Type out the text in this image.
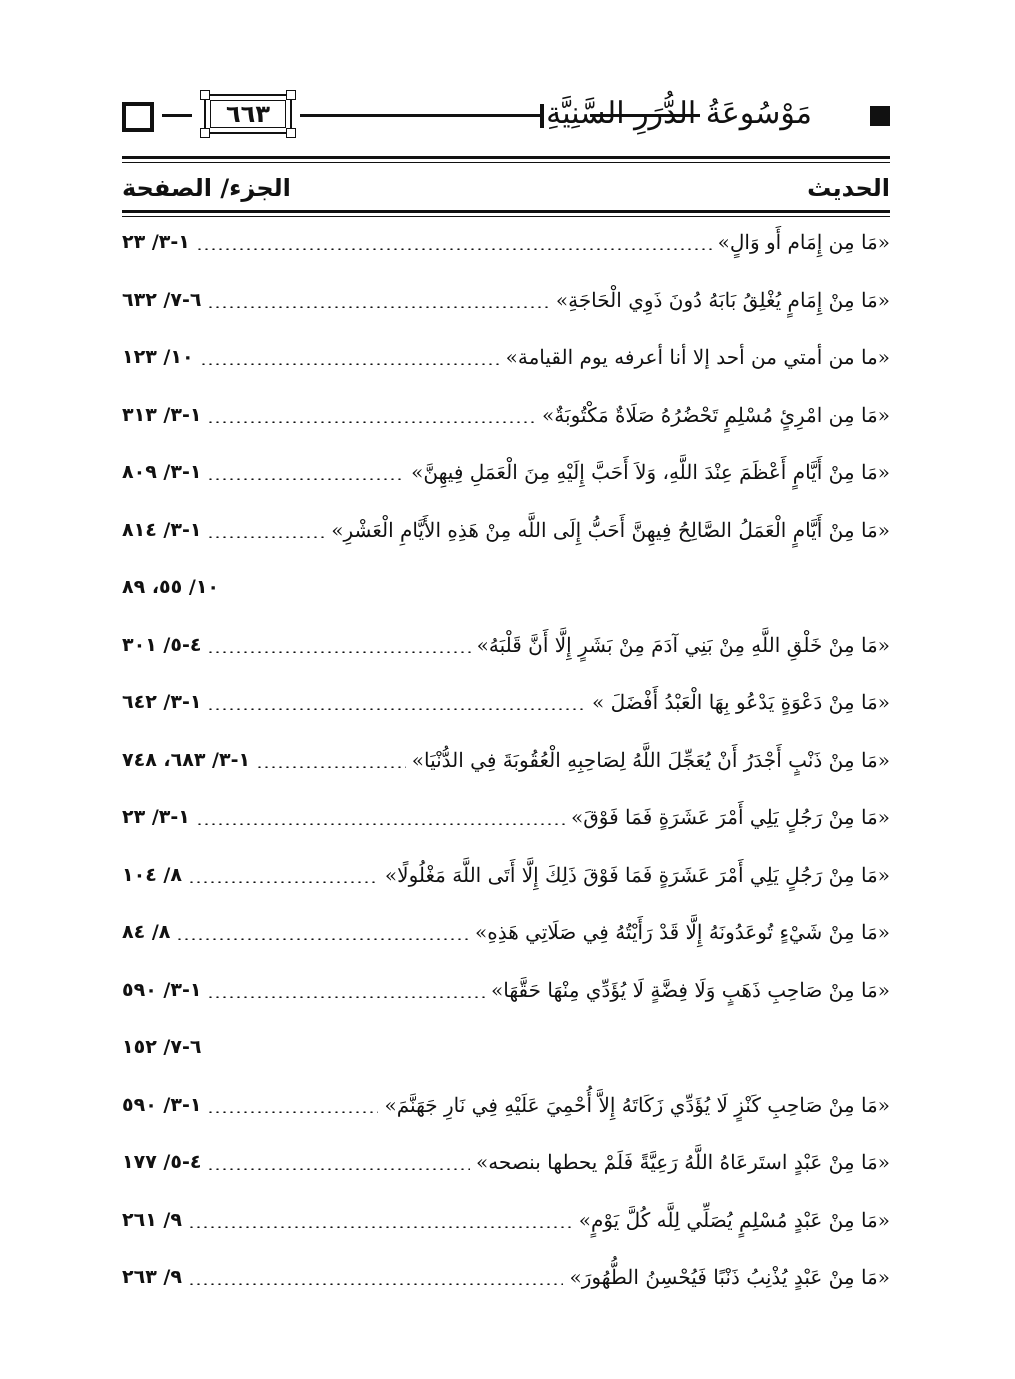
مَوْسُوعَةُ الدُّرَرِ السَّنِيَّةِ
٦٦٣
الحديث
الجزء/ الصفحة
«مَا مِن إِمَام أَو وَالٍ»
١-٣/ ٢٣
«مَا مِنْ إِمَامٍ يُغْلِقُ بَابَهُ دُونَ ذَوِي الْحَاجَةِ»
٦-٧/ ٦٣٢
«ما من أمتي من أحد إلا أنا أعرفه يوم القيامة»
١٠/ ١٢٣
«مَا مِن امْرِئٍ مُسْلِمٍ تَحْضُرُهُ صَلَاةٌ مَكْتُوبَةٌ»
١-٣/ ٣١٣
«مَا مِنْ أَيَّامٍ أَعْظَمَ عِنْدَ اللَّهِ، وَلاَ أَحَبَّ إِلَيْهِ مِنَ الْعَمَلِ فِيهِنَّ»
١-٣/ ٨٠٩
«مَا مِنْ أَيَّامٍ الْعَمَلُ الصَّالِحُ فِيهِنَّ أَحَبُّ إِلَى اللَّه مِنْ هَذِهِ الأَيَّامِ الْعَشْرِ»
١-٣/ ٨١٤
١٠/ ٥٥، ٨٩
«مَا مِنْ خَلْقِ اللَّهِ مِنْ بَنِي آدَمَ مِنْ بَشَرٍ إِلَّا أَنَّ قَلْبَهُ»
٤-٥/ ٣٠١
«مَا مِنْ دَعْوَةٍ يَدْعُو بِهَا الْعَبْدُ أَفْضَلَ »
١-٣/ ٦٤٢
«مَا مِنْ ذَنْبٍ أَجْدَرُ أَنْ يُعَجِّلَ اللَّهُ لِصَاحِبِهِ الْعُقُوبَةَ فِي الدُّنْيَا»
١-٣/ ٦٨٣، ٧٤٨
«مَا مِنْ رَجُلٍ يَلِي أَمْرَ عَشَرَةٍ فَمَا فَوْقَ»
١-٣/ ٢٣
«مَا مِنْ رَجُلٍ يَلِي أَمْرَ عَشَرَةٍ فَمَا فَوْقَ ذَلِكَ إِلَّا أَتَى اللَّهَ مَغْلُولًا»
٨/ ١٠٤
«مَا مِنْ شَيْءٍ تُوعَدُونَهُ إِلَّا قَدْ رَأَيْتُهُ فِي صَلَاتِي هَذِهِ»
٨/ ٨٤
«مَا مِنْ صَاحِبِ ذَهَبٍ وَلَا فِضَّةٍ لَا يُؤَدِّي مِنْهَا حَقَّهَا»
١-٣/ ٥٩٠
٦-٧/ ١٥٢
«مَا مِنْ صَاحِبِ كَنْزٍ لَا يُؤَدِّي زَكَاتَهُ إِلاَّ أُحْمِيَ عَلَيْهِ فِي نَارِ جَهَنَّمَ»
١-٣/ ٥٩٠
«مَا مِنْ عَبْدٍ استَرعَاهُ اللَّهُ رَعِيَّةً فَلَمْ يحطها بنصحه»
٤-٥/ ١٧٧
«مَا مِنْ عَبْدٍ مُسْلِمٍ يُصَلِّي لِلَّه كُلَّ يَوْمٍ»
٩/ ٢٦١
«مَا مِنْ عَبْدٍ يُذْنِبُ ذَنْبًا فَيُحْسِنُ الطُّهُورَ»
٩/ ٢٦٣
